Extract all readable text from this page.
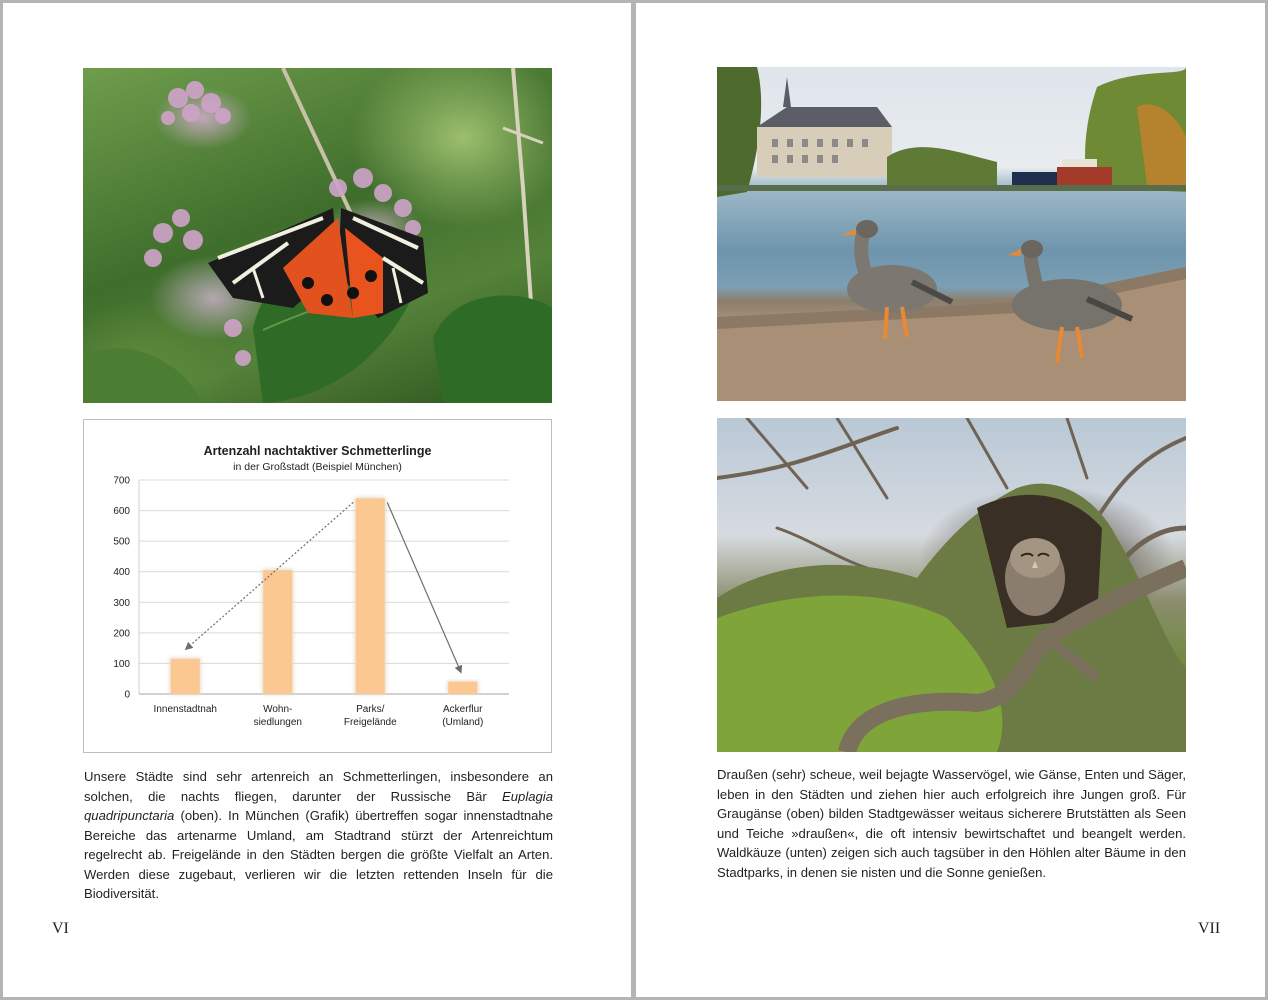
Artenzahl nachtaktiver Schmetterlinge
in der Großstadt (Beispiel München)
0
100
200
300
400
500
600
700
Innenstadtnah	Wohn-
siedlungen
Parks/
Freigelände
Ackerflur
(Umland)
Unsere Städte sind sehr artenreich an Schmetterlingen, insbesondere an solchen, die nachts fliegen, darunter der Russische Bär Euplagia quadripunctaria (oben). In München (Grafik) übertreffen sogar innenstadtnahe Bereiche das artenarme Umland, am Stadtrand stürzt der Artenreichtum regelrecht ab. Freigelände in den Städten bergen die größte Vielfalt an Arten. Werden diese zugebaut, verlieren wir die letzten rettenden Inseln für die Biodiversität.
VI
Draußen (sehr) scheue, weil bejagte Wasservögel, wie Gänse, Enten und Säger, leben in den Städten und ziehen hier auch erfolgreich ihre Jungen groß. Für Graugänse (oben) bilden Stadtgewässer weitaus sicherere Brutstätten als Seen und Teiche »draußen«, die oft intensiv bewirtschaftet und beangelt werden. Waldkäuze (unten) zeigen sich auch tagsüber in den Höhlen alter Bäume in den Stadtparks, in denen sie nisten und die Sonne genießen.
VII
